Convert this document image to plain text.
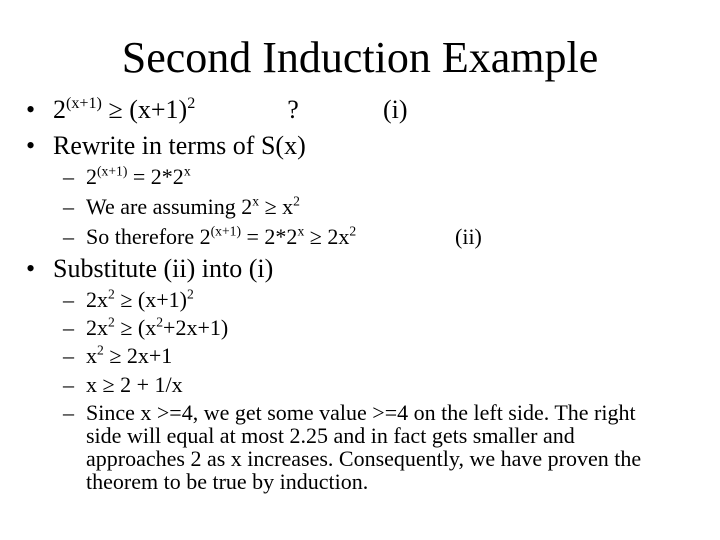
Second Induction Example
• $2^{(x+1)} \ge (x+1)^2$	?	(i)
• Rewrite in terms of S(x)
– $2^{(x+1)} = 2*2^x$
– We are assuming $2^x \ge x^2$
– So therefore $2^{(x+1)} = 2*2^x \ge 2x^2$	(ii)
• Substitute (ii) into (i)
– $2x^2 \ge (x+1)^2$
– $2x^2 \ge (x^2+2x+1)$
– $x^2 \ge 2x+1$
– x ≥ 2 + 1/x
– Since x >=4, we get some value >=4 on the left side. The right
side will equal at most 2.25 and in fact gets smaller and
approaches 2 as x increases. Consequently, we have proven the
theorem to be true by induction.
